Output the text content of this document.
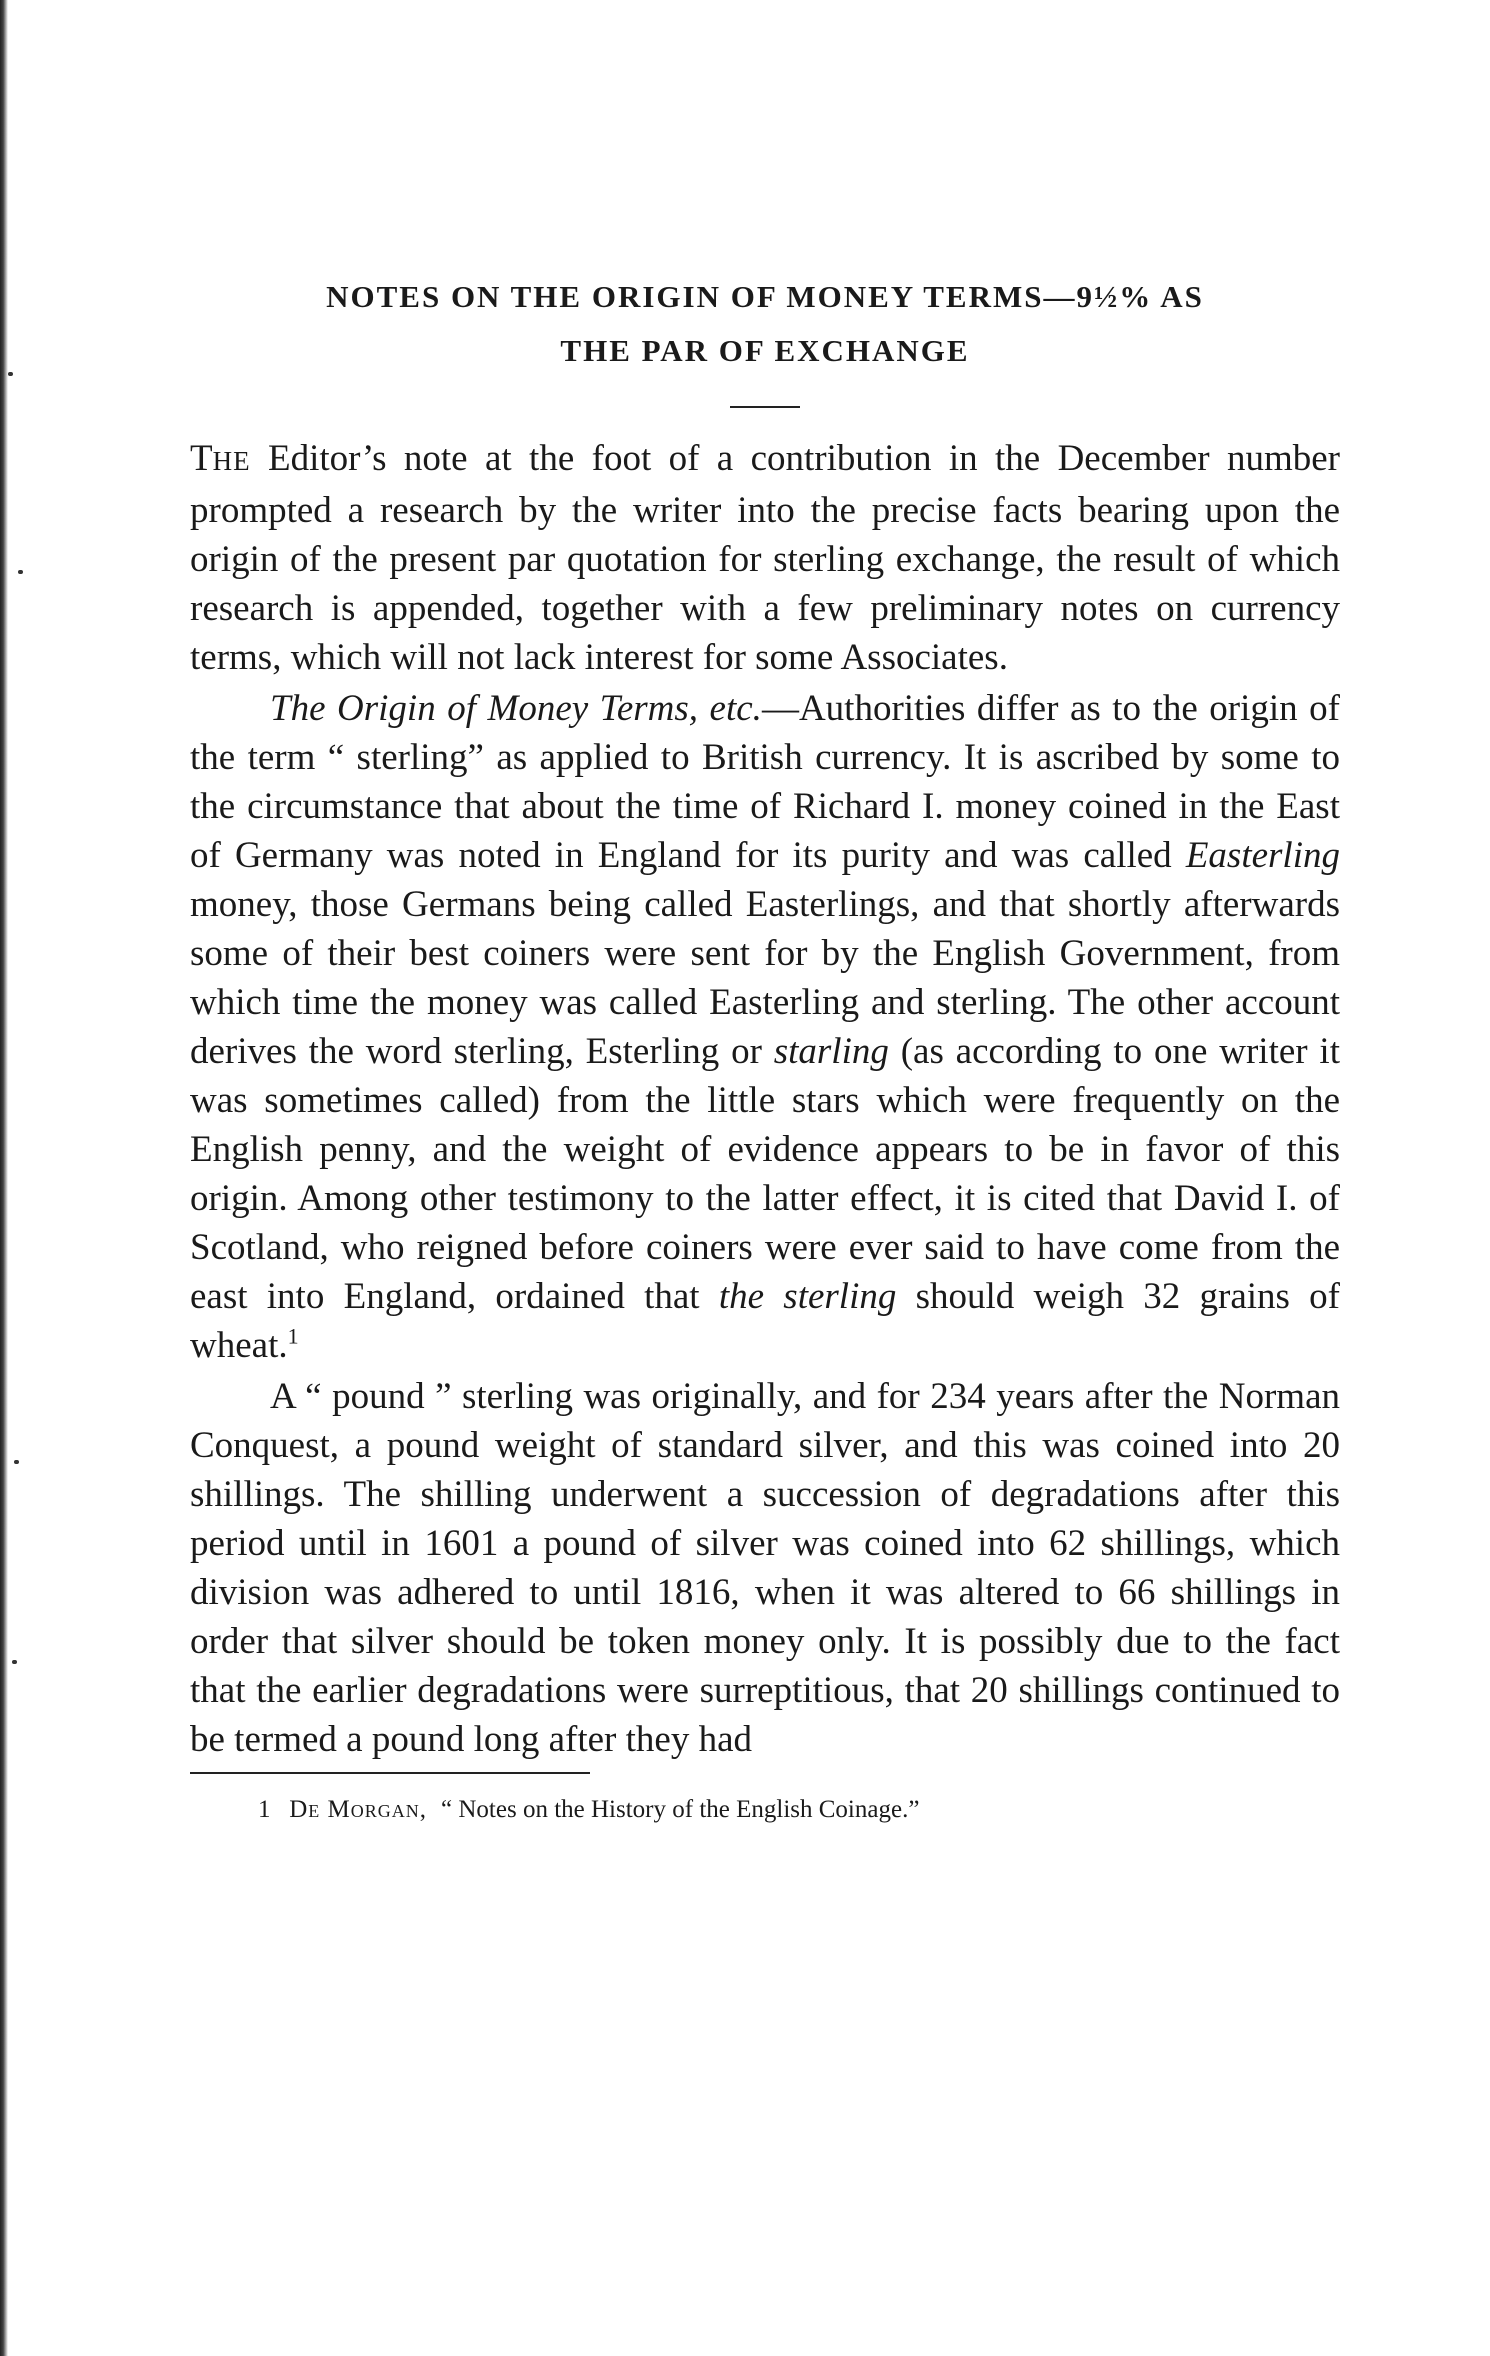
NOTES ON THE ORIGIN OF MONEY TERMS—9½% AS
THE PAR OF EXCHANGE

THE Editor’s note at the foot of a contribution in the December number prompted a research by the writer into the precise facts bearing upon the origin of the present par quotation for sterling exchange, the result of which research is appended, together with a few preliminary notes on currency terms, which will not lack interest for some Associates.

The Origin of Money Terms, etc.—Authorities differ as to the origin of the term “ sterling” as applied to British currency. It is ascribed by some to the circumstance that about the time of Richard I. money coined in the East of Germany was noted in England for its purity and was called Easterling money, those Germans being called Easterlings, and that shortly afterwards some of their best coiners were sent for by the English Government, from which time the money was called Easterling and sterling. The other account derives the word sterling, Esterling or starling (as according to one writer it was sometimes called) from the little stars which were frequently on the English penny, and the weight of evidence appears to be in favor of this origin. Among other testimony to the latter effect, it is cited that David I. of Scotland, who reigned before coiners were ever said to have come from the east into England, ordained that the sterling should weigh 32 grains of wheat.$^1$

A “ pound ” sterling was originally, and for 234 years after the Norman Conquest, a pound weight of standard silver, and this was coined into 20 shillings. The shilling underwent a succession of degradations after this period until in 1601 a pound of silver was coined into 62 shillings, which division was adhered to until 1816, when it was altered to 66 shillings in order that silver should be token money only. It is possibly due to the fact that the earlier degradations were surreptitious, that 20 shillings continued to be termed a pound long after they had

1 De Morgan, “ Notes on the History of the English Coinage.”
